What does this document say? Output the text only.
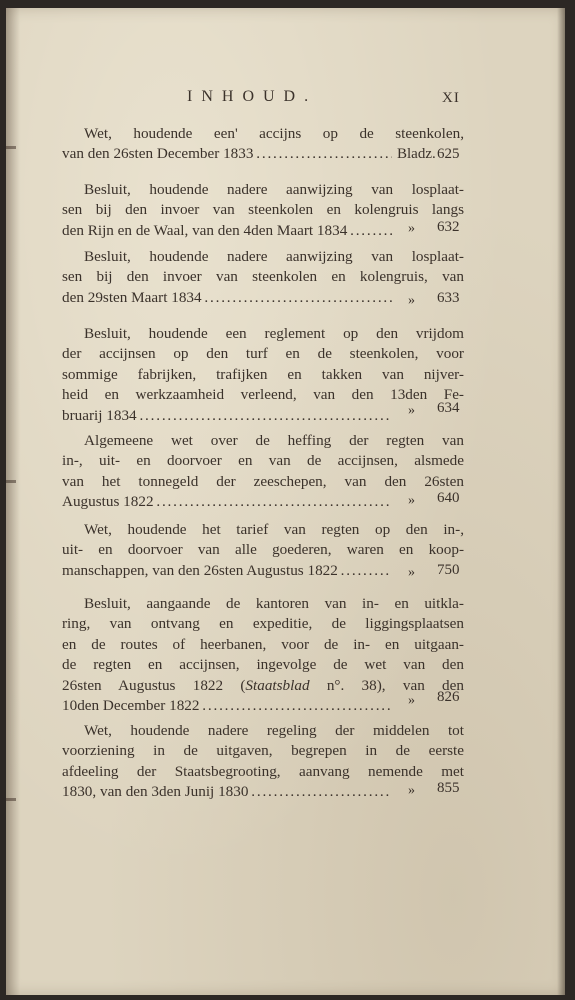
INHOUD.	XI
Wet, houdende een' accijns op de steenkolen,
van den 26sten December 1833 . . .	Bladz. 625
Besluit, houdende nadere aanwijzing van losplaat-
sen bij den invoer van steenkolen en kolengruis langs
den Rijn en de Waal, van den 4den Maart 1834 . . .	» 632
Besluit, houdende nadere aanwijzing van losplaat-
sen bij den invoer van steenkolen en kolengruis, van
den 29sten Maart 1834 . . .	» 633
Besluit, houdende een reglement op den vrijdom
der accijnsen op den turf en de steenkolen, voor
sommige fabrijken, trafijken en takken van nijver-
heid en werkzaamheid verleend, van den 13den Fe-
bruarij 1834 . . .	» 634
Algemeene wet over de heffing der regten van
in-, uit- en doorvoer en van de accijnsen, alsmede
van het tonnegeld der zeeschepen, van den 26sten
Augustus 1822 . . .	» 640
Wet, houdende het tarief van regten op den in-,
uit- en doorvoer van alle goederen, waren en koop-
manschappen, van den 26sten Augustus 1822 . . .	» 750
Besluit, aangaande de kantoren van in- en uitkla-
ring, van ontvang en expeditie, de liggingsplaatsen
en de routes of heerbanen, voor de in- en uitgaan-
de regten en accijnsen, ingevolge de wet van den
26sten Augustus 1822 (Staatsblad n°. 38), van den
10den December 1822 . . .	» 826
Wet, houdende nadere regeling der middelen tot
voorziening in de uitgaven, begrepen in de eerste
afdeeling der Staatsbegrooting, aanvang nemende met
1830, van den 3den Junij 1830 . . .	» 855
